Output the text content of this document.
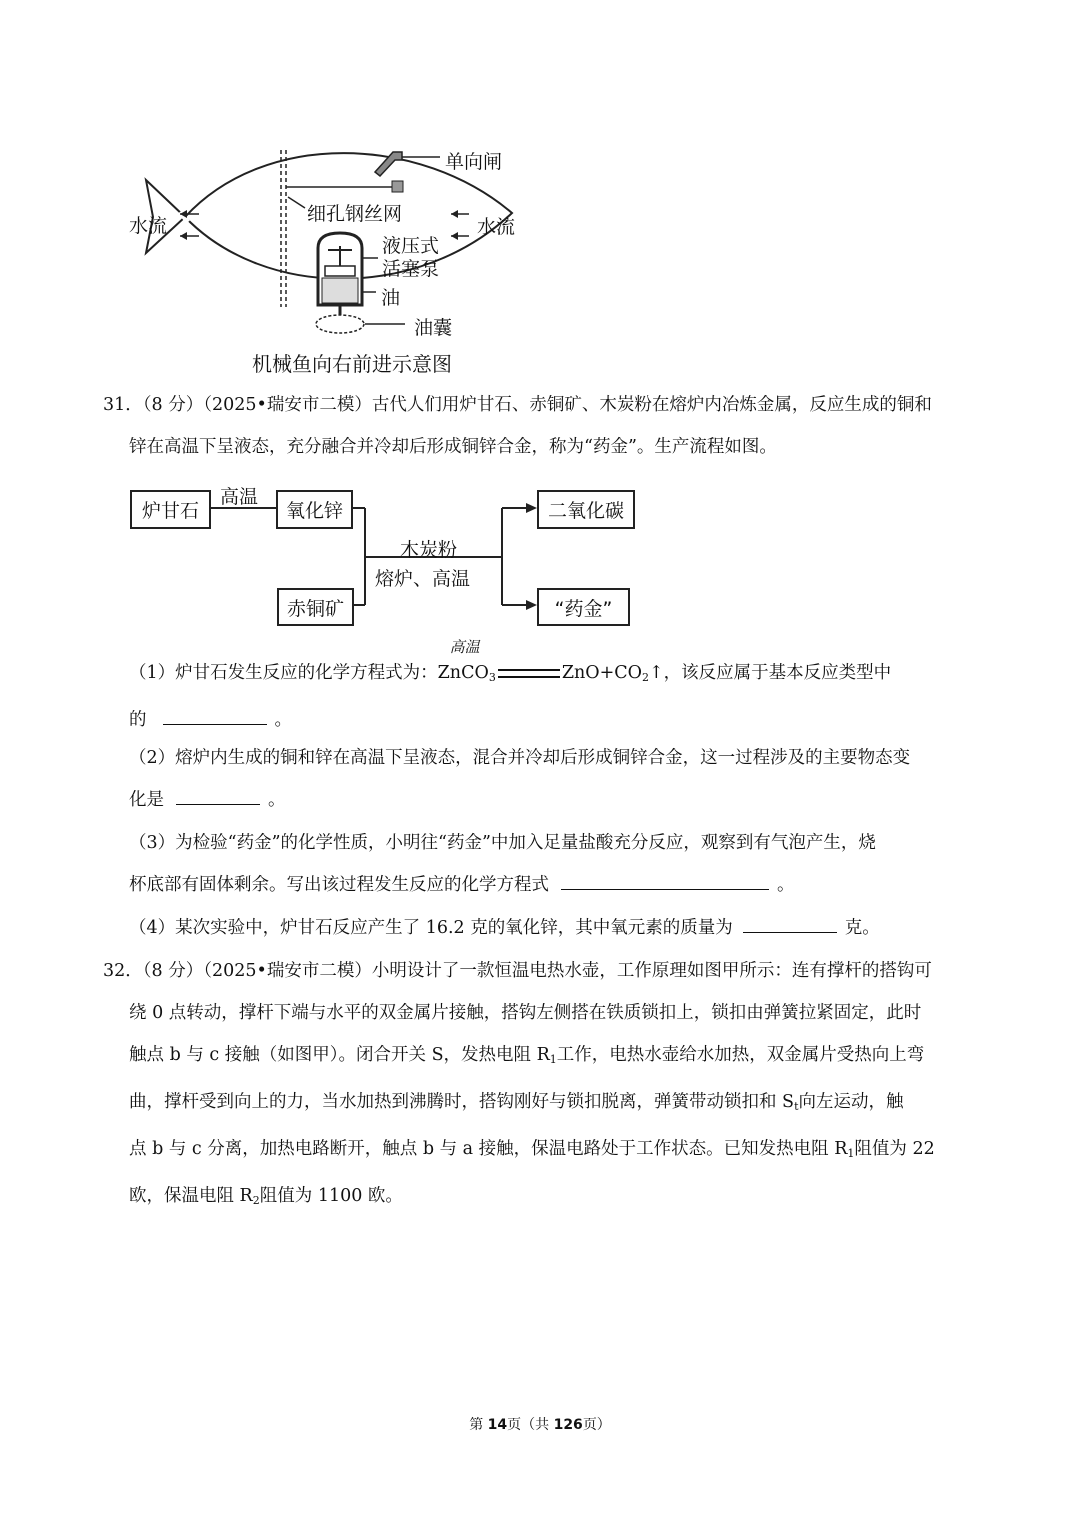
水流	水流
单向闸
细孔钢丝网
液压式
活塞泵
油
油囊
机械鱼向右前进示意图
31．（8 分）（2025•瑞安市二模）古代人们用炉甘石、赤铜矿、木炭粉在熔炉内冶炼金属，反应生成的铜和
锌在高温下呈液态，充分融合并冷却后形成铜锌合金，称为“药金”。生产流程如图。
炉甘石	氧化锌
赤铜矿
二氧化碳
“药金”
高温
木炭粉
熔炉、高温
（1）炉甘石发生反应的化学方程式为：ZnCO$_3$
高温
$ZnO+CO_2↑$，该反应属于基本反应类型中
的	。
（2）熔炉内生成的铜和锌在高温下呈液态，混合并冷却后形成铜锌合金，这一过程涉及的主要物态变
化是	。
（3）为检验“药金”的化学性质，小明往“药金”中加入足量盐酸充分反应，观察到有气泡产生，烧
杯底部有固体剩余。写出该过程发生反应的化学方程式	。
（4）某次实验中，炉甘石反应产生了 16.2 克的氧化锌，其中氧元素的质量为	克。
32．（8 分）（2025•瑞安市二模）小明设计了一款恒温电热水壶，工作原理如图甲所示：连有撑杆的搭钩可
绕 0 点转动，撑杆下端与水平的双金属片接触，搭钩左侧搭在铁质锁扣上，锁扣由弹簧拉紧固定，此时
触点 b 与 c 接触（如图甲）。闭合开关 S，发热电阻 $R_1$工作，电热水壶给水加热，双金属片受热向上弯
曲，撑杆受到向上的力，当水加热到沸腾时，搭钩刚好与锁扣脱离，弹簧带动锁扣和 $S_t$向左运动，触
点 b 与 c 分离，加热电路断开，触点 b 与 a 接触，保温电路处于工作状态。已知发热电阻 $R_1$阻值为 22
欧，保温电阻 $R_2$阻值为 1100 欧。
第 14页（共 126页）
